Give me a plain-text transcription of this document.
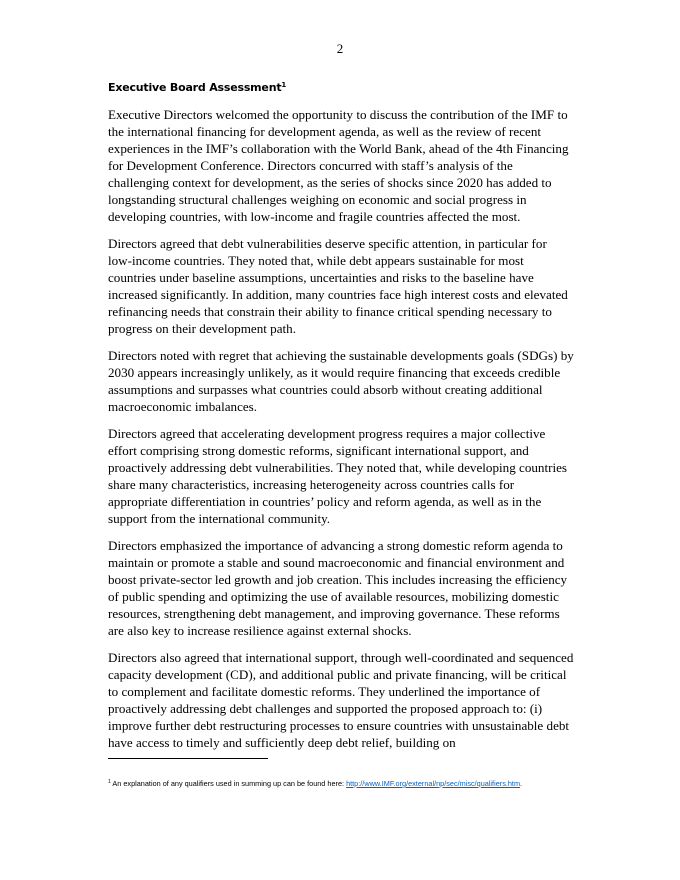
2
Executive Board Assessment$^1$

Executive Directors welcomed the opportunity to discuss the contribution of the IMF to the international financing for development agenda, as well as the review of recent experiences in the IMF’s collaboration with the World Bank, ahead of the 4th Financing for Development Conference. Directors concurred with staff’s analysis of the challenging context for development, as the series of shocks since 2020 has added to longstanding structural challenges weighing on economic and social progress in developing countries, with low-income and fragile countries affected the most.

Directors agreed that debt vulnerabilities deserve specific attention, in particular for low-income countries. They noted that, while debt appears sustainable for most countries under baseline assumptions, uncertainties and risks to the baseline have increased significantly. In addition, many countries face high interest costs and elevated refinancing needs that constrain their ability to finance critical spending necessary to progress on their development path.

Directors noted with regret that achieving the sustainable developments goals (SDGs) by 2030 appears increasingly unlikely, as it would require financing that exceeds credible assumptions and surpasses what countries could absorb without creating additional macroeconomic imbalances.

Directors agreed that accelerating development progress requires a major collective effort comprising strong domestic reforms, significant international support, and proactively addressing debt vulnerabilities. They noted that, while developing countries share many characteristics, increasing heterogeneity across countries calls for appropriate differentiation in countries’ policy and reform agenda, as well as in the support from the international community.

Directors emphasized the importance of advancing a strong domestic reform agenda to maintain or promote a stable and sound macroeconomic and financial environment and boost private-sector led growth and job creation. This includes increasing the efficiency of public spending and optimizing the use of available resources, mobilizing domestic resources, strengthening debt management, and improving governance. These reforms are also key to increase resilience against external shocks.

Directors also agreed that international support, through well-coordinated and sequenced capacity development (CD), and additional public and private financing, will be critical to complement and facilitate domestic reforms. They underlined the importance of proactively addressing debt challenges and supported the proposed approach to: (i) improve further debt restructuring processes to ensure countries with unsustainable debt have access to timely and sufficiently deep debt relief, building on

$^1$ An explanation of any qualifiers used in summing up can be found here: http://www.IMF.org/external/np/sec/misc/qualifiers.htm.
